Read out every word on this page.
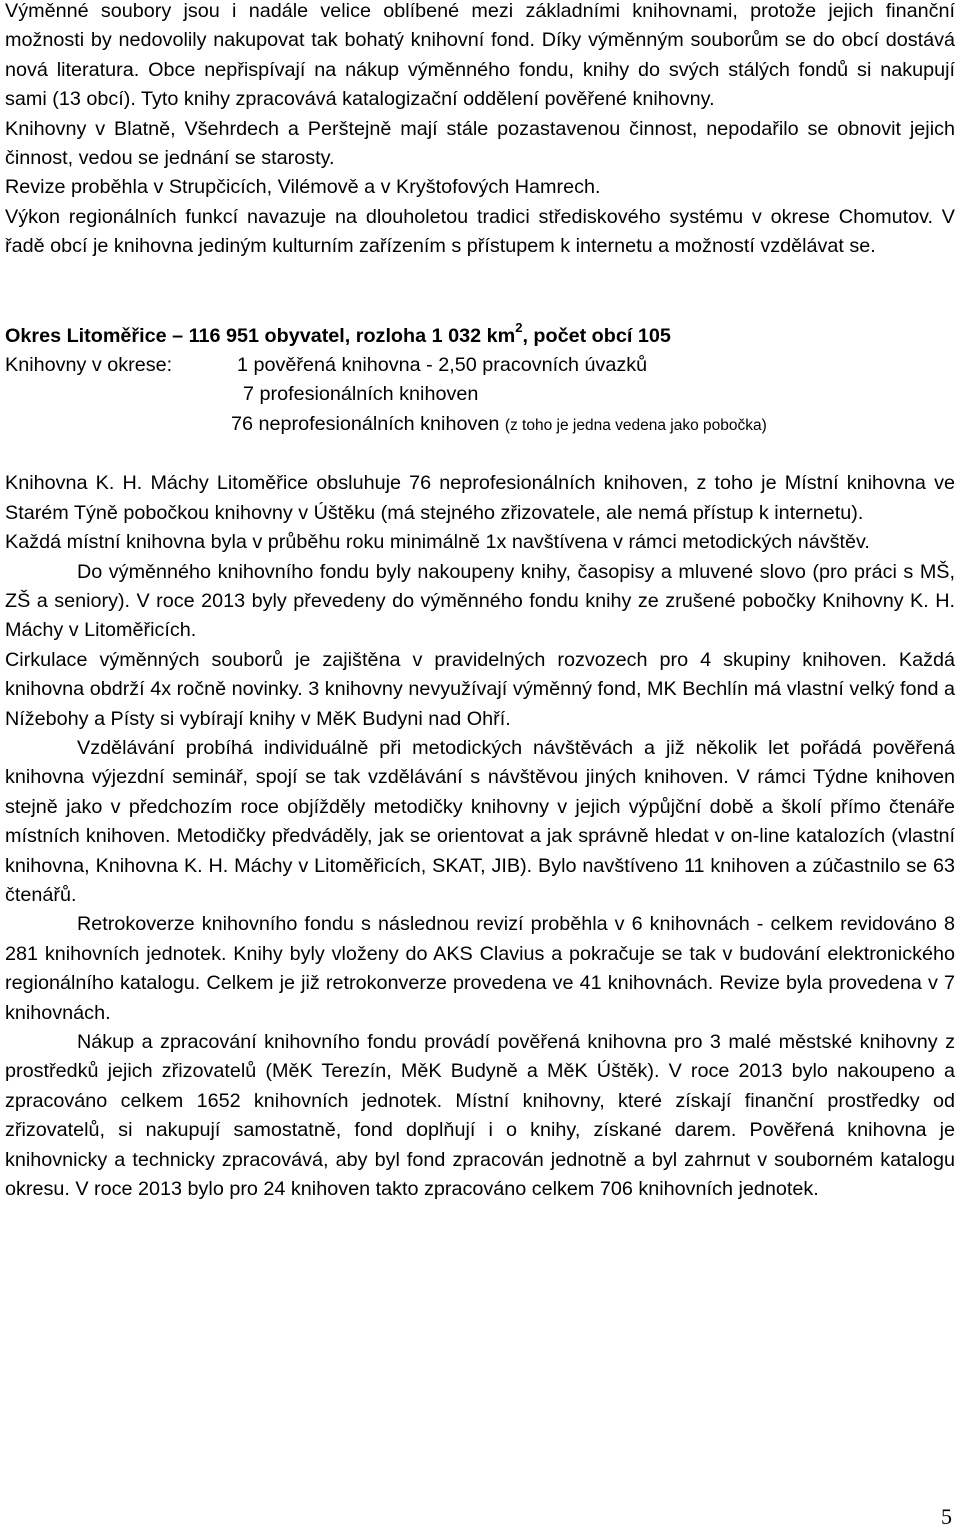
Výměnné soubory jsou i nadále velice oblíbené mezi základními knihovnami, protože jejich finanční možnosti by nedovolily nakupovat tak bohatý knihovní fond. Díky výměnným souborům se do obcí dostává nová literatura. Obce nepřispívají na nákup výměnného fondu, knihy do svých stálých fondů si nakupují sami (13 obcí). Tyto knihy zpracovává katalogizační oddělení pověřené knihovny.

Knihovny v Blatně, Všehrdech a Perštejně mají stále pozastavenou činnost, nepodařilo se obnovit jejich činnost, vedou se jednání se starosty.

Revize proběhla v Strupčicích, Vilémově a v Kryštofových Hamrech.

Výkon regionálních funkcí navazuje na dlouholetou tradici střediskového systému v okrese Chomutov. V řadě obcí je knihovna jediným kulturním zařízením s přístupem k internetu a možností vzdělávat se.

Okres Litoměřice – 116 951 obyvatel, rozloha 1 032 $km^2$, počet obcí 105

Knihovny v okrese:	1 pověřená knihovna - 2,50 pracovních úvazků
7 profesionálních knihoven
76 neprofesionálních knihoven (z toho je jedna vedena jako pobočka)

Knihovna K. H. Máchy Litoměřice obsluhuje 76 neprofesionálních knihoven, z toho je Místní knihovna ve Starém Týně pobočkou knihovny v Úštěku (má stejného zřizovatele, ale nemá přístup k internetu).

Každá místní knihovna byla v průběhu roku minimálně 1x navštívena v rámci metodických návštěv.

Do výměnného knihovního fondu byly nakoupeny knihy, časopisy a mluvené slovo (pro práci s MŠ, ZŠ a seniory). V roce 2013 byly převedeny do výměnného fondu knihy ze zrušené pobočky Knihovny K. H. Máchy v Litoměřicích.

Cirkulace výměnných souborů je zajištěna v pravidelných rozvozech pro 4 skupiny knihoven. Každá knihovna obdrží 4x ročně novinky. 3 knihovny nevyužívají výměnný fond, MK Bechlín má vlastní velký fond a Nížebohy a Písty si vybírají knihy v MěK Budyni nad Ohří.

Vzdělávání probíhá individuálně při metodických návštěvách a již několik let pořádá pověřená knihovna výjezdní seminář, spojí se tak vzdělávání s návštěvou jiných knihoven. V rámci Týdne knihoven stejně jako v předchozím roce objížděly metodičky knihovny v jejich výpůjční době a školí přímo čtenáře místních knihoven. Metodičky předváděly, jak se orientovat a jak správně hledat v on-line katalozích (vlastní knihovna, Knihovna K. H. Máchy v Litoměřicích, SKAT, JIB). Bylo navštíveno 11 knihoven a zúčastnilo se 63 čtenářů.

Retrokoverze knihovního fondu s následnou revizí proběhla v 6 knihovnách - celkem revidováno 8 281 knihovních jednotek. Knihy byly vloženy do AKS Clavius a pokračuje se tak v budování elektronického regionálního katalogu. Celkem je již retrokonverze provedena ve 41 knihovnách. Revize byla provedena v 7 knihovnách.

Nákup a zpracování knihovního fondu provádí pověřená knihovna pro 3 malé městské knihovny z prostředků jejich zřizovatelů (MěK Terezín, MěK Budyně a MěK Úštěk). V roce 2013 bylo nakoupeno a zpracováno celkem 1652 knihovních jednotek. Místní knihovny, které získají finanční prostředky od zřizovatelů, si nakupují samostatně, fond doplňují i o knihy, získané darem. Pověřená knihovna je knihovnicky a technicky zpracovává, aby byl fond zpracován jednotně a byl zahrnut v souborném katalogu okresu. V roce 2013 bylo pro 24 knihoven takto zpracováno celkem 706 knihovních jednotek.

5
